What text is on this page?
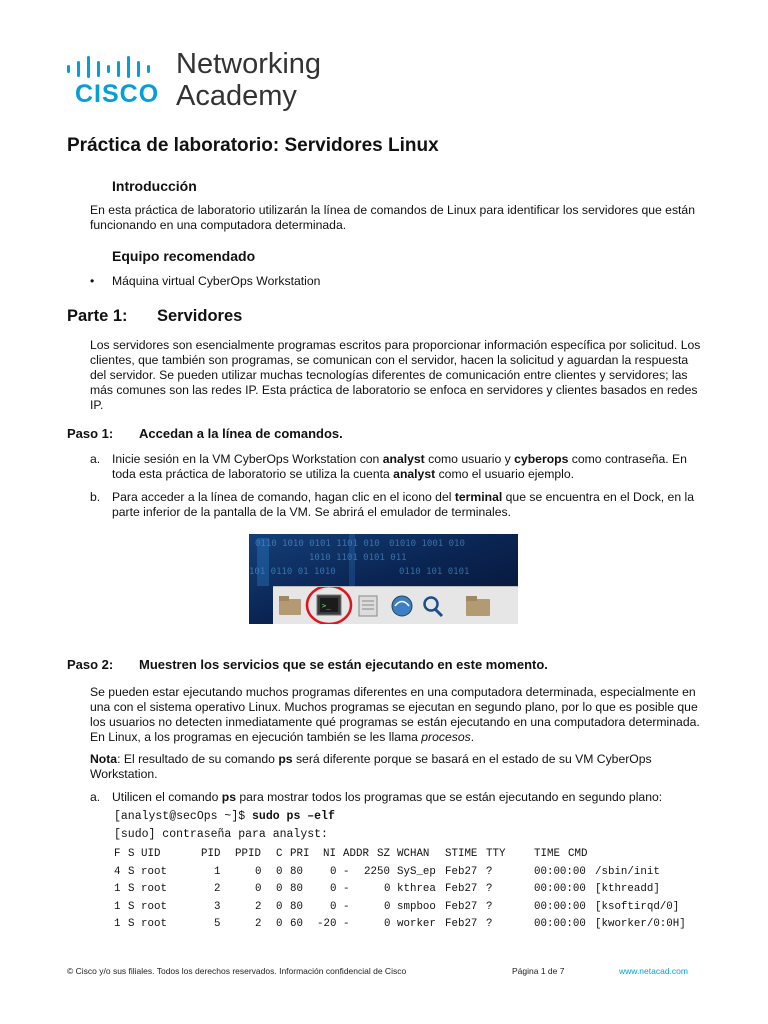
CISCO
Networking
Academy
Práctica de laboratorio: Servidores Linux
Introducción
En esta práctica de laboratorio utilizarán la línea de comandos de Linux para identificar los servidores que están funcionando en una computadora determinada.
Equipo recomendado
• Máquina virtual CyberOps Workstation
Parte 1: Servidores
Los servidores son esencialmente programas escritos para proporcionar información específica por solicitud. Los clientes, que también son programas, se comunican con el servidor, hacen la solicitud y aguardan la respuesta del servidor. Se pueden utilizar muchas tecnologías diferentes de comunicación entre clientes y servidores; las más comunes son las redes IP. Esta práctica de laboratorio se enfoca en servidores y clientes basados en redes IP.
Paso 1: Accedan a la línea de comandos.
a. Inicie sesión en la VM CyberOps Workstation con analyst como usuario y cyberops como contraseña. En toda esta práctica de laboratorio se utiliza la cuenta analyst como el usuario ejemplo.
b. Para acceder a la línea de comando, hagan clic en el icono del terminal que se encuentra en el Dock, en la parte inferior de la pantalla de la VM. Se abrirá el emulador de terminales.
0110 1010 0101 1101 010
1010 1101 0101 011
01010 1001 010
101 0110 01 1010	0110 101 0101
>_
Paso 2: Muestren los servicios que se están ejecutando en este momento.
Se pueden estar ejecutando muchos programas diferentes en una computadora determinada, especialmente en una con el sistema operativo Linux. Muchos programas se ejecutan en segundo plano, por lo que es posible que los usuarios no detecten inmediatamente qué programas se están ejecutando en una computadora determinada. En Linux, a los programas en ejecución también se les llama procesos.
Nota: El resultado de su comando ps será diferente porque se basará en el estado de su VM CyberOps Workstation.
a. Utilicen el comando ps para mostrar todos los programas que se están ejecutando en segundo plano:
[analyst@secOps ~]$ sudo ps –elf
[sudo] contraseña para analyst:
F S UID	PID PPID C PRI NI ADDR SZ WCHAN STIME TTY	TIME CMD
4 S root	1	0 0 80	0 - 2250 SyS_ep Feb27 ?	00:00:00 /sbin/init
1 S root	2	0 0 80	0 -	0 kthrea Feb27 ?	00:00:00 [kthreadd]
1 S root	3	2 0 80	0 -	0 smpboo Feb27 ?	00:00:00 [ksoftirqd/0]
1 S root	5	2 0 60 -20 -	0 worker Feb27 ?	00:00:00 [kworker/0:0H]
© Cisco y/o sus filiales. Todos los derechos reservados. Información confidencial de Cisco	Página 1 de 7	www.netacad.com
